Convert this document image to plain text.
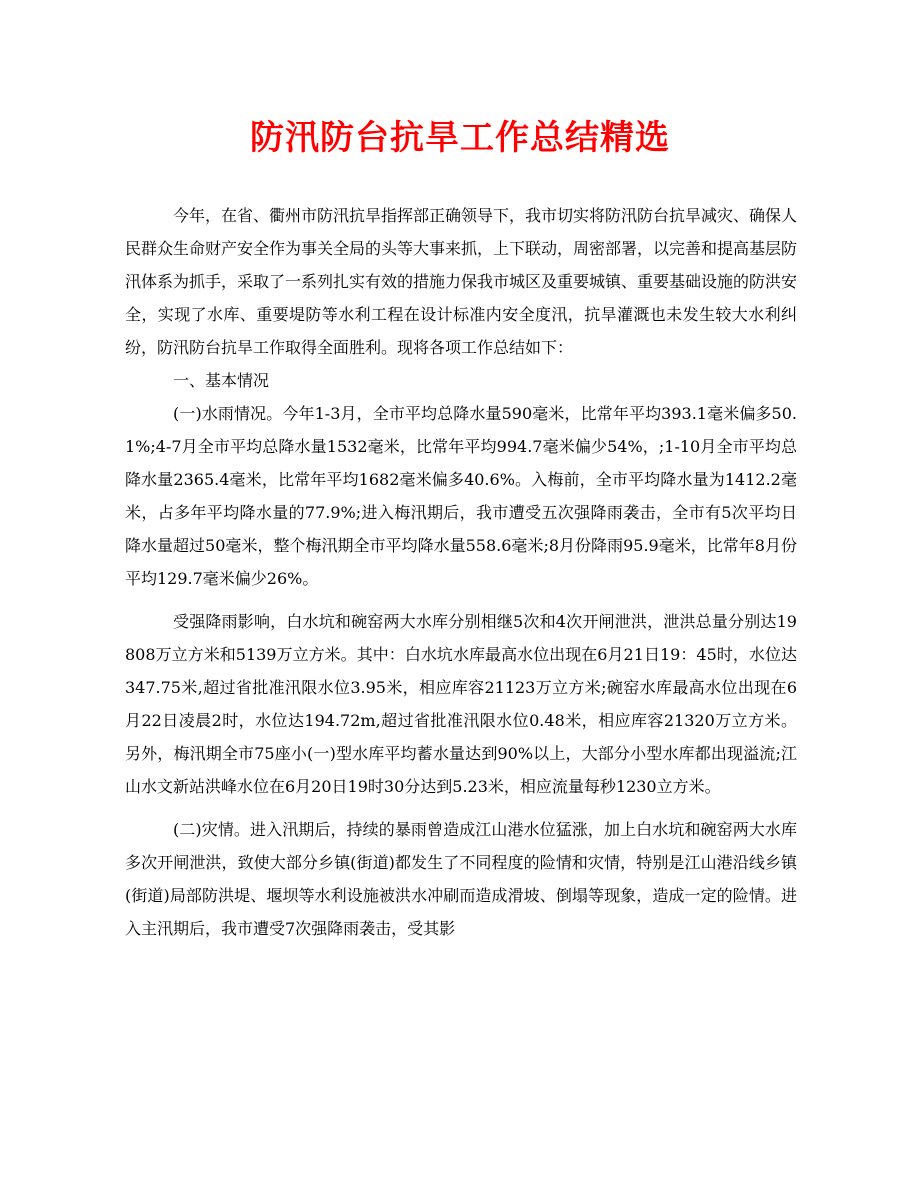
防汛防台抗旱工作总结精选

今年，在省、衢州市防汛抗旱指挥部正确领导下，我市切实将防汛防台抗旱减灾、确保人民群众生命财产安全作为事关全局的头等大事来抓，上下联动，周密部署，以完善和提高基层防汛体系为抓手，采取了一系列扎实有效的措施力保我市城区及重要城镇、重要基础设施的防洪安全，实现了水库、重要堤防等水利工程在设计标准内安全度汛，抗旱灌溉也未发生较大水利纠纷，防汛防台抗旱工作取得全面胜利。现将各项工作总结如下：

一、基本情况

(一)水雨情况。今年1-3月，全市平均总降水量590毫米，比常年平均393.1毫米偏多50.1%;4-7月全市平均总降水量1532毫米，比常年平均994.7毫米偏少54%，;1-10月全市平均总降水量2365.4毫米，比常年平均1682毫米偏多40.6%。入梅前，全市平均降水量为1412.2毫米，占多年平均降水量的77.9%;进入梅汛期后，我市遭受五次强降雨袭击，全市有5次平均日降水量超过50毫米，整个梅汛期全市平均降水量558.6毫米;8月份降雨95.9毫米，比常年8月份平均129.7毫米偏少26%。

受强降雨影响，白水坑和碗窑两大水库分别相继5次和4次开闸泄洪，泄洪总量分别达19808万立方米和5139万立方米。其中：白水坑水库最高水位出现在6月21日19：45时，水位达347.75米,超过省批准汛限水位3.95米，相应库容21123万立方米;碗窑水库最高水位出现在6月22日凌晨2时，水位达194.72m,超过省批准汛限水位0.48米，相应库容21320万立方米。另外，梅汛期全市75座小(一)型水库平均蓄水量达到90%以上，大部分小型水库都出现溢流;江山水文新站洪峰水位在6月20日19时30分达到5.23米，相应流量每秒1230立方米。

(二)灾情。进入汛期后，持续的暴雨曾造成江山港水位猛涨，加上白水坑和碗窑两大水库多次开闸泄洪，致使大部分乡镇(街道)都发生了不同程度的险情和灾情，特别是江山港沿线乡镇(街道)局部防洪堤、堰坝等水利设施被洪水冲刷而造成滑坡、倒塌等现象，造成一定的险情。进入主汛期后，我市遭受7次强降雨袭击，受其影
